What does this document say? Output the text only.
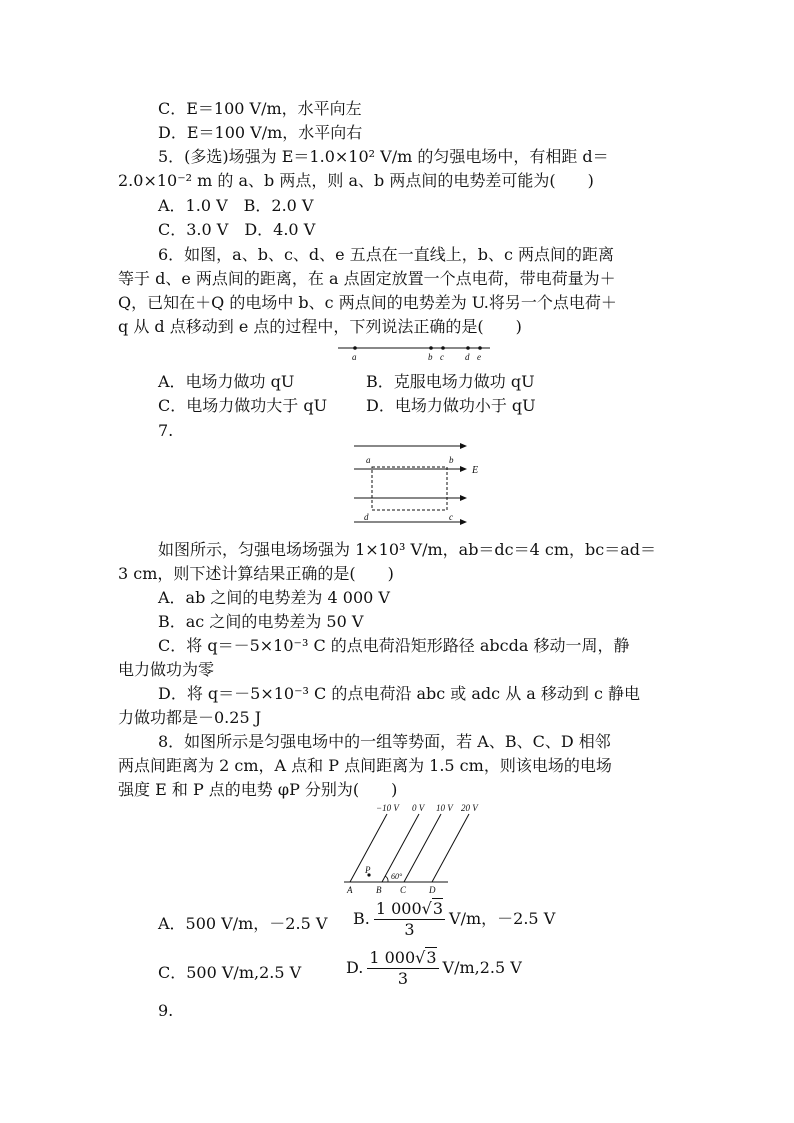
C．E＝100 V/m，水平向左
D．E＝100 V/m，水平向右
5．(多选)场强为 E＝1.0×10² V/m 的匀强电场中，有相距 d＝
2.0×10⁻² m 的 a、b 两点，则 a、b 两点间的电势差可能为(　　)
A．1.0 V　B．2.0 V
C．3.0 V　D．4.0 V
6．如图，a、b、c、d、e 五点在一直线上，b、c 两点间的距离
等于 d、e 两点间的距离，在 a 点固定放置一个点电荷，带电荷量为＋
Q，已知在＋Q 的电场中 b、c 两点间的电势差为 U.将另一个点电荷＋
q 从 d 点移动到 e 点的过程中，下列说法正确的是(　　)
a	b c d e
A．电场力做功 qU	B．克服电场力做功 qU
C．电场力做功大于 qU D．电场力做功小于 qU
7.
a	b
c
d
E
如图所示，匀强电场场强为 1×10³ V/m，ab＝dc＝4 cm，bc＝ad＝
3 cm，则下述计算结果正确的是(　　)
A．ab 之间的电势差为 4 000 V
B．ac 之间的电势差为 50 V
C．将 q＝－5×10⁻³ C 的点电荷沿矩形路径 abcda 移动一周，静
电力做功为零
D．将 q＝－5×10⁻³ C 的点电荷沿 abc 或 adc 从 a 移动到 c 静电
力做功都是－0.25 J
8．如图所示是匀强电场中的一组等势面，若 A、B、C、D 相邻
两点间距离为 2 cm，A 点和 P 点间距离为 1.5 cm，则该电场的电场
强度 E 和 P 点的电势 φP 分别为(　　)
−10 V 0 V 10 V 20 V
A	B C	D
P
60°
A．500 V/m，－2.5 V B. $\frac{1 000√3}{3} V/m$，－2.5 V
C．500 V/m,2.5 V	D. $\frac{1 000√3}{3} V/m,2.5$ V
9.
